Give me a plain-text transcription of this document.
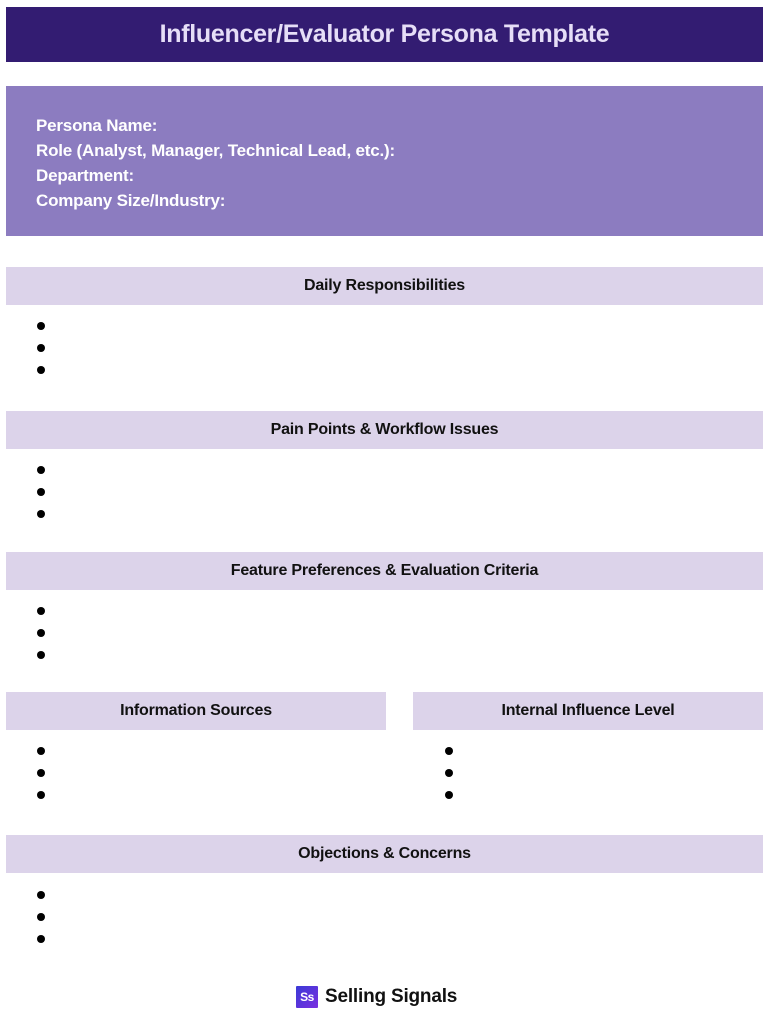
Influencer/Evaluator Persona Template
Persona Name:
Role (Analyst, Manager, Technical Lead, etc.):
Department:
Company Size/Industry:
Daily Responsibilities
Pain Points & Workflow Issues
Feature Preferences & Evaluation Criteria
Information Sources	Internal Influence Level
Objections & Concerns
Ss Selling Signals
